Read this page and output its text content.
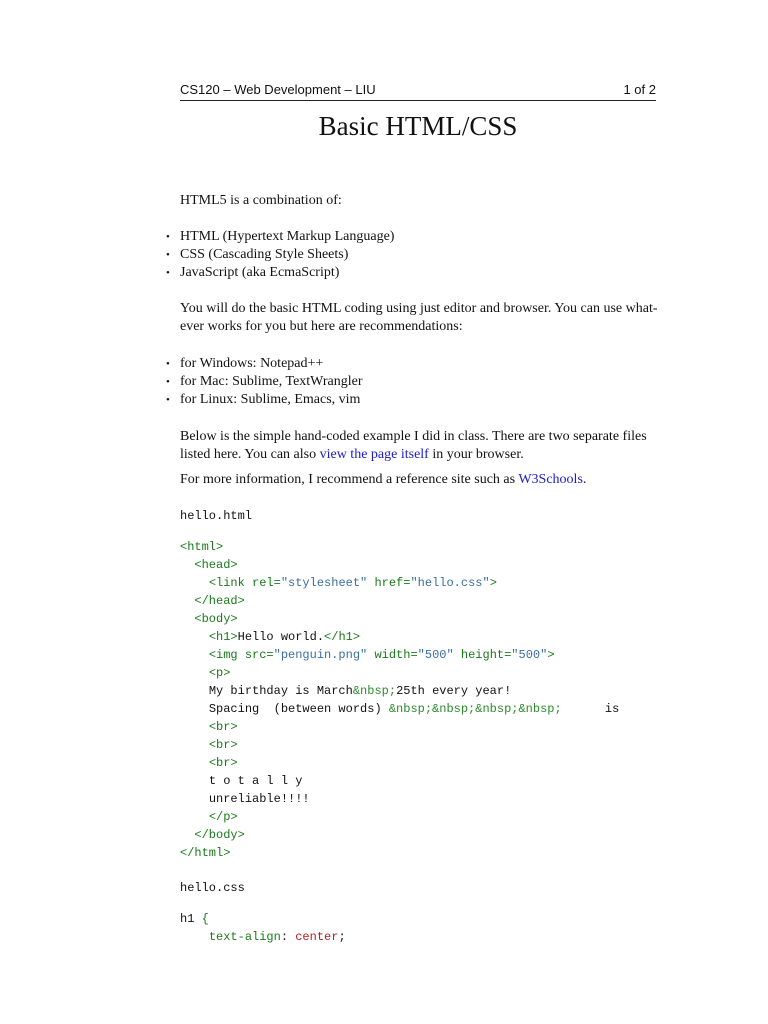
CS120 – Web Development – LIU	1 of 2
Basic HTML/CSS

HTML5 is a combination of:

• HTML (Hypertext Markup Language)
• CSS (Cascading Style Sheets)
• JavaScript (aka EcmaScript)
You will do the basic HTML coding using just editor and browser. You can use what-
ever works for you but here are recommendations:
• for Windows: Notepad++
• for Mac: Sublime, TextWrangler
• for Linux: Sublime, Emacs, vim
Below is the simple hand-coded example I did in class. There are two separate files
listed here. You can also view the page itself in your browser.
For more information, I recommend a reference site such as W3Schools.
hello.html
<html>
<head>
<link rel="stylesheet" href="hello.css">
</head>
<body>
<h1>Hello world.</h1>
<img src="penguin.png" width="500" height="500">
<p>
My birthday is March&nbsp;25th every year!
Spacing  (between words) &nbsp;&nbsp;&nbsp;&nbsp;      is
<br>
<br>
<br>
t o t a l l y
unreliable!!!!
</p>
</body>
</html>
hello.css
h1 {
text-align: center;
